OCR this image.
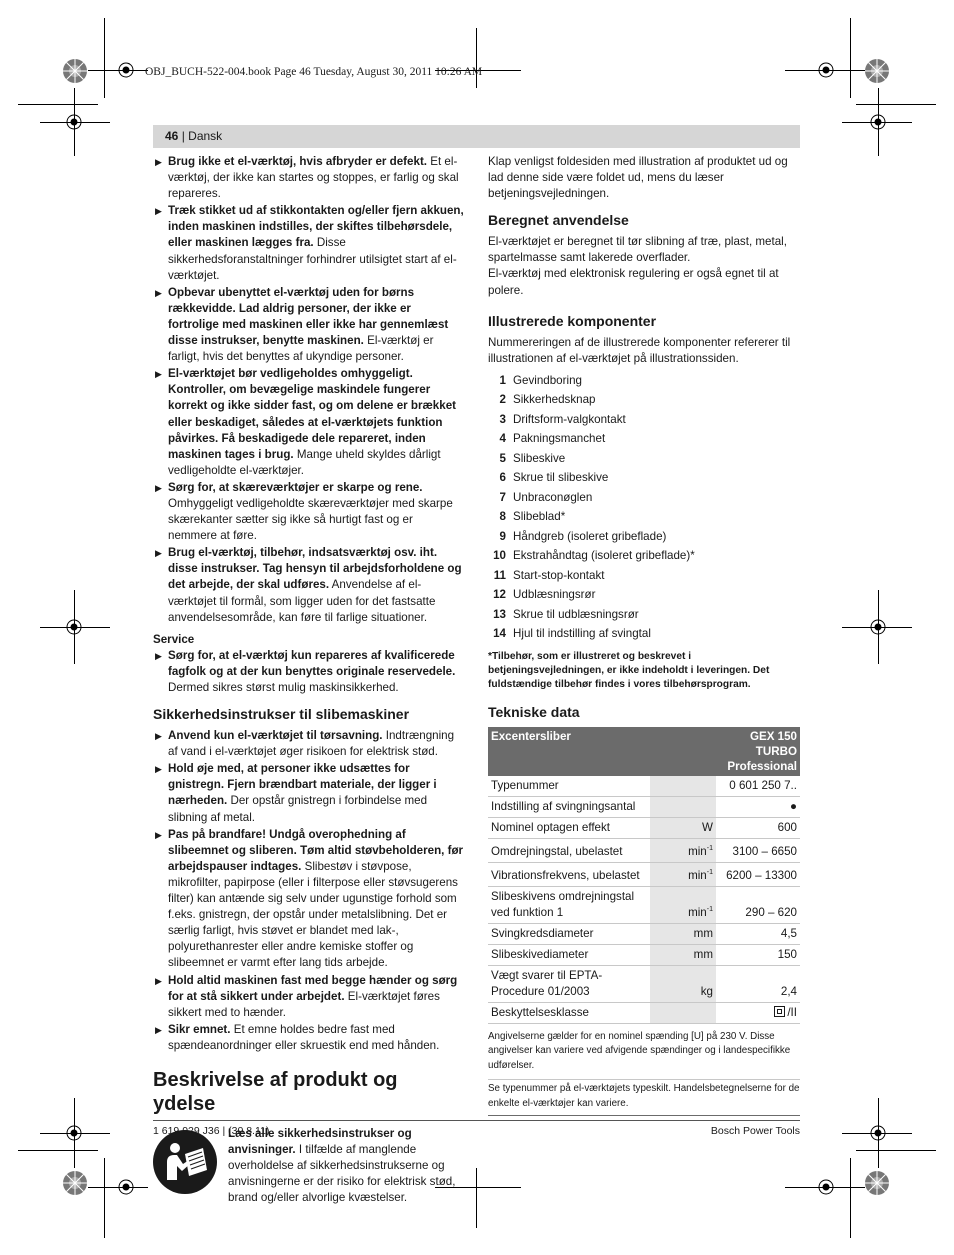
OBJ_BUCH-522-004.book Page 46 Tuesday, August 30, 2011 10:26 AM
46 | Dansk
▶ Brug ikke et el-værktøj, hvis afbryder er defekt. Et el-værktøj, der ikke kan startes og stoppes, er farlig og skal repareres.
▶ Træk stikket ud af stikkontakten og/eller fjern akkuen, inden maskinen indstilles, der skiftes tilbehørsdele, eller maskinen lægges fra. Disse sikkerhedsforanstaltninger forhindrer utilsigtet start af el-værktøjet.
▶ Opbevar ubenyttet el-værktøj uden for børns rækkevidde. Lad aldrig personer, der ikke er fortrolige med maskinen eller ikke har gennemlæst disse instrukser, benytte maskinen. El-værktøj er farligt, hvis det benyttes af ukyndige personer.
▶ El-værktøjet bør vedligeholdes omhyggeligt. Kontroller, om bevægelige maskindele fungerer korrekt og ikke sidder fast, og om delene er brækket eller beskadiget, således at el-værktøjets funktion påvirkes. Få beskadigede dele repareret, inden maskinen tages i brug. Mange uheld skyldes dårligt vedligeholdte el-værktøjer.
▶ Sørg for, at skæreværktøjer er skarpe og rene. Omhyggeligt vedligeholdte skæreværktøjer med skarpe skærekanter sætter sig ikke så hurtigt fast og er nemmere at føre.
▶ Brug el-værktøj, tilbehør, indsatsværktøj osv. iht. disse instrukser. Tag hensyn til arbejdsforholdene og det arbejde, der skal udføres. Anvendelse af el-værktøjet til formål, som ligger uden for det fastsatte anvendelsesområde, kan føre til farlige situationer.
Service
▶ Sørg for, at el-værktøj kun repareres af kvalificerede fagfolk og at der kun benyttes originale reservedele. Dermed sikres størst mulig maskinsikkerhed.
Sikkerhedsinstrukser til slibemaskiner
▶ Anvend kun el-værktøjet til tørsavning. Indtrængning af vand i el-værktøjet øger risikoen for elektrisk stød.
▶ Hold øje med, at personer ikke udsættes for gnistregn. Fjern brændbart materiale, der ligger i nærheden. Der opstår gnistregn i forbindelse med slibning af metal.
▶ Pas på brandfare! Undgå overophedning af slibeemnet og sliberen. Tøm altid støvbeholderen, før arbejdspauser indtages. Slibestøv i støvpose, mikrofilter, papirpose (eller i filterpose eller støvsugerens filter) kan antænde sig selv under ugunstige forhold som f.eks. gnistregn, der opstår under metalslibning. Det er særlig farligt, hvis støvet er blandet med lak-, polyurethanrester eller andre kemiske stoffer og slibeemnet er varmt efter lang tids arbejde.
▶ Hold altid maskinen fast med begge hænder og sørg for at stå sikkert under arbejdet. El-værktøjet føres sikkert med to hænder.
▶ Sikr emnet. Et emne holdes bedre fast med spændeanordninger eller skruestik end med hånden.
Beskrivelse af produkt og ydelse
Læs alle sikkerhedsinstrukser og anvisninger. I tilfælde af manglende overholdelse af sikkerhedsinstrukserne og anvisningerne er der risiko for elektrisk stød, brand og/eller alvorlige kvæstelser.

Klap venligst foldesiden med illustration af produktet ud og lad denne side være foldet ud, mens du læser betjeningsvejledningen.

Beregnet anvendelse

El-værktøjet er beregnet til tør slibning af træ, plast, metal, spartelmasse samt lakerede overflader.

El-værktøj med elektronisk regulering er også egnet til at polere.

Illustrerede komponenter

Nummereringen af de illustrerede komponenter refererer til illustrationen af el-værktøjet på illustrationssiden.

1 Gevindboring
2 Sikkerhedsknap
3 Driftsform-valgkontakt
4 Pakningsmanchet
5 Slibeskive
6 Skrue til slibeskive
7 Unbraconøglen
8 Slibeblad*
9 Håndgreb (isoleret gribeflade)
10 Ekstrahåndtag (isoleret gribeflade)*
11 Start-stop-kontakt
12 Udblæsningsrør
13 Skrue til udblæsningsrør
14 Hjul til indstilling af svingtal

*Tilbehør, som er illustreret og beskrevet i betjeningsvejledningen, er ikke indeholdt i leveringen. Det fuldstændige tilbehør findes i vores tilbehørsprogram.

Tekniske data
Excentersliber		GEX 150 TURBO
Professional
Typenummer		0 601 250 7..
Indstilling af svingningsantal		●
Nominel optagen effekt	W	600
Omdrejningstal, ubelastet	$\min^{-1}$	3100 – 6650
Vibrationsfrekvens, ubelastet	$\min^{-1}$	6200 – 13300
Slibeskivens omdrejningstal ved funktion 1	$\min^{-1}$	290 – 620
Svingkredsdiameter	mm	4,5
Slibeskivediameter	mm	150
Vægt svarer til EPTA-Procedure 01/2003	kg	2,4
Beskyttelsesklasse		/II
Angivelserne gælder for en nominel spænding [U] på 230 V. Disse angivelser kan variere ved afvigende spændinger og i landespecifikke udførelser.
Se typenummer på el-værktøjets typeskilt. Handelsbetegnelserne for de enkelte el-værktøjer kan variere.
1 619 929 J36 | (30.8.11)	Bosch Power Tools
